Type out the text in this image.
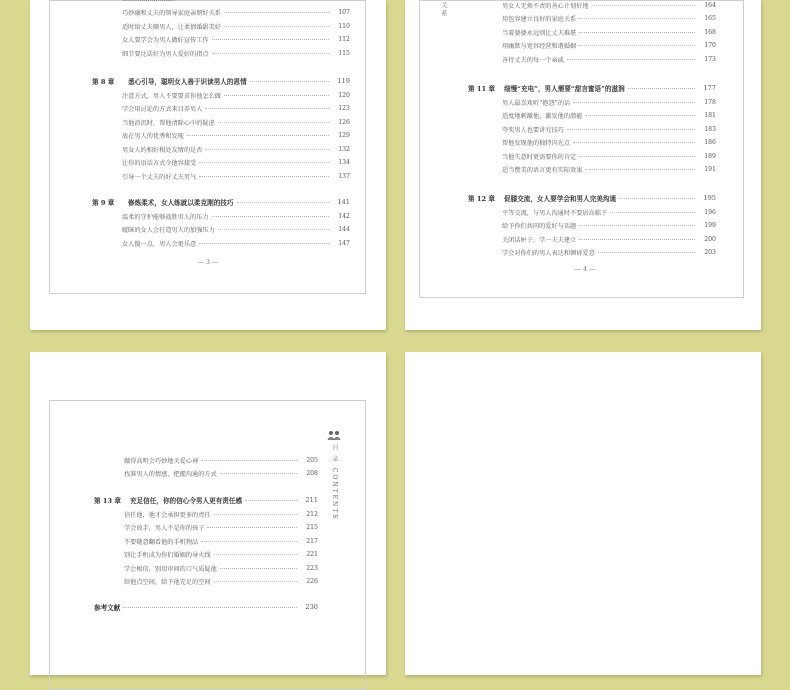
巧妙融和丈夫的领导家庭亲朋好关系	107
适时给丈夫顺男人，让柔情婚甜美好	110
女人要学会为男人做好宣传工作	112
细节要比话好为男人爱好的指点	115
第 8 章	悉心引导，聪明女人善于识读男人的恩情	119
注意方式，男人不要要求你他怎么做	120
学会用讨论的方式来目养男人	123
当他消沉时，帮他清除心中的疑虑	126
放在男人的优秀和发现	129
男女人的相好相处友情的是否	132
让你的语话方式令他容接受	134
引导一个丈夫的好丈夫男气	137
第 9 章	修炼柔术，女人练就以柔克刚的技巧	141
温柔的守护能够战胜男人的压力	142
暧昧的女人会打造男人的加强压力	144
女人傻一点，男人会更乐意	147
— 3 —
关系	男女人无须不责的善心计划好地	164
用包容建立良好的家庭关系	165
当着婆婆永远别让丈夫难堪	168
用幽默与宽容经营和谐婚姻	170
善待丈夫的每一个亲戚	173
第 11 章	细慢“充电”，男人需要“甜言蜜语”的滋润	177
男人最喜欢听“抱怨”的话	178
适度地刺激他，激发他的潜能	181
夸奖男人也要讲究技巧	183
帮他发现他的独特闪光点	186
当他失意时更需要你的肯定	189
适当赞美的语言更有实际效果	191
第 12 章	促膝交流，女人要学会和男人完美沟通	195
平等交流，与男人沟通时不要居高临下	196
给予你们共同的爱好与话题	199
关闭话匣子，学一夫夫建立	200
学会对你们的男人表达和倾诉爱意	203
— 4 —
目 录 CONTENTS
做得高明会巧妙地关爱心神	205
找准男人的情感，把握沟通的方式	208
第 13 章	充足信任，你的信心令男人更有责任感	211
信任他，他才会承担更多的责任	212
学会放手，男人不是你的孩子	215
不要随意翻看他的手机物品	217
别让手机成为你们婚姻的导火线	221
学会相信，别用审问的口气质疑他	223
给他点空间，给予他充足的空间	226
参考文献	230
